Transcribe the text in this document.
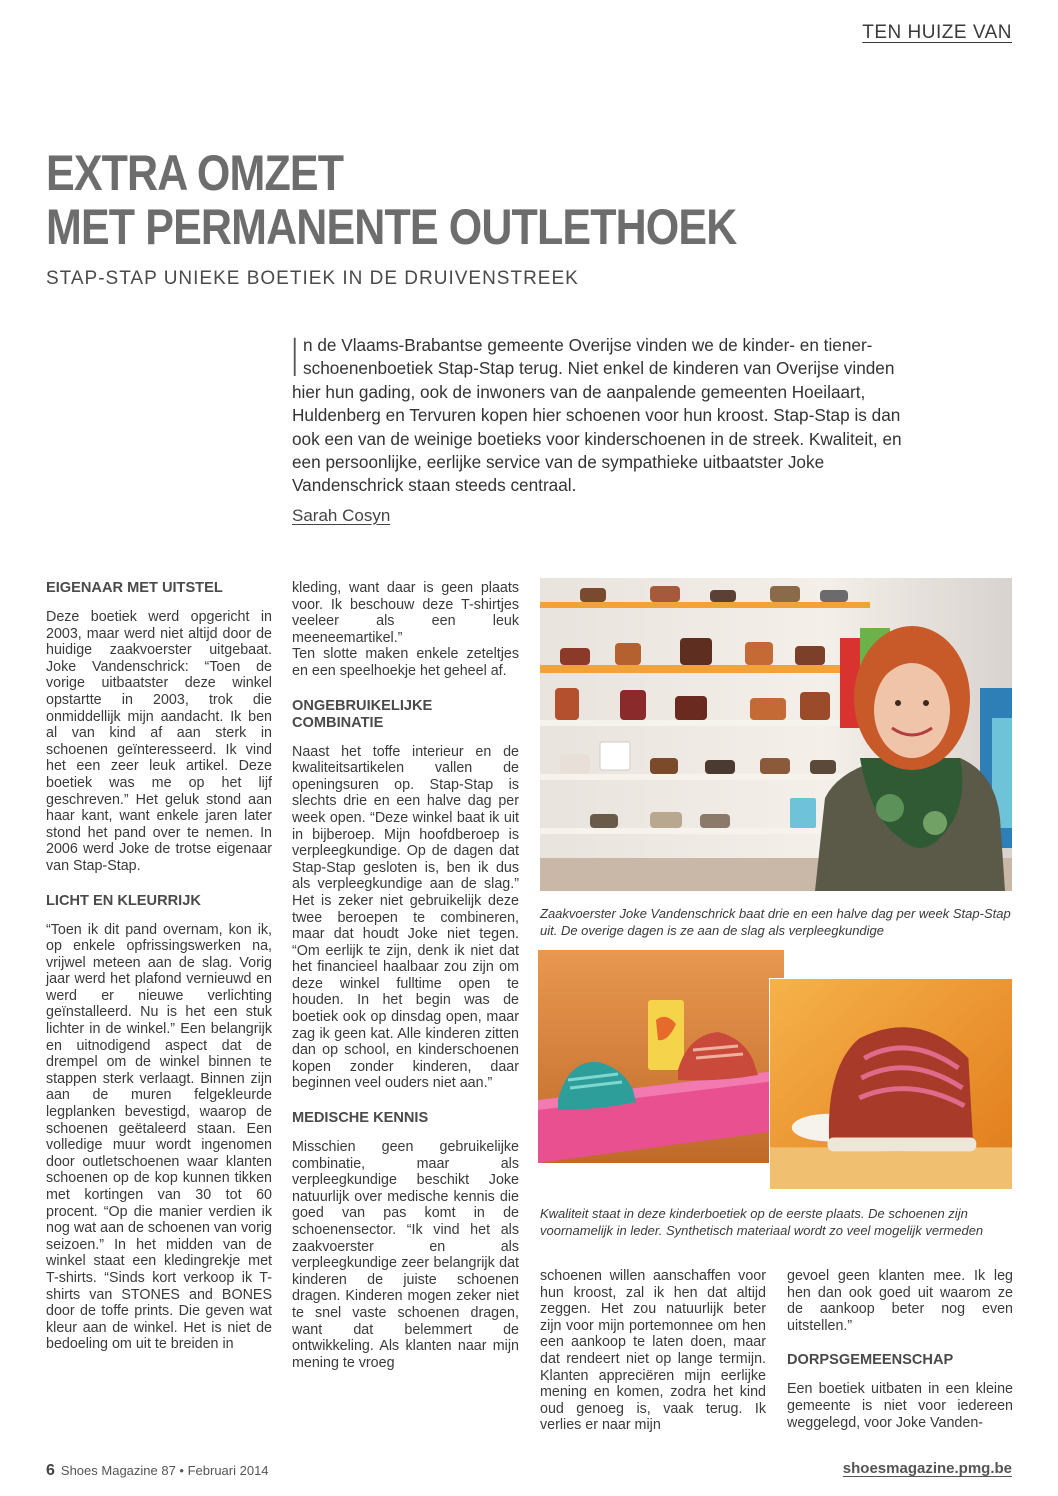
TEN HUIZE VAN
EXTRA OMZET
MET PERMANENTE OUTLETHOEK
STAP-STAP UNIEKE BOETIEK IN DE DRUIVENSTREEK
In de Vlaams-Brabantse gemeente Overijse vinden we de kinder- en tiener-schoenenboetiek Stap-Stap terug. Niet enkel de kinderen van Overijse vinden hier hun gading, ook de inwoners van de aanpalende gemeenten Hoeilaart, Huldenberg en Tervuren kopen hier schoenen voor hun kroost. Stap-Stap is dan ook een van de weinige boetieks voor kinderschoenen in de streek. Kwaliteit, en een persoonlijke, eerlijke service van de sympathieke uitbaatster Joke Vandenschrick staan steeds centraal.
Sarah Cosyn
EIGENAAR MET UITSTEL

Deze boetiek werd opgericht in 2003, maar werd niet altijd door de huidige zaakvoerster uitgebaat. Joke Vandenschrick: “Toen de vorige uitbaatster deze winkel opstartte in 2003, trok die onmiddellijk mijn aandacht. Ik ben al van kind af aan sterk in schoenen geïnteresseerd. Ik vind het een zeer leuk artikel. Deze boetiek was me op het lijf geschreven.” Het geluk stond aan haar kant, want enkele jaren later stond het pand over te nemen. In 2006 werd Joke de trotse eigenaar van Stap-Stap.

LICHT EN KLEURRIJK

“Toen ik dit pand overnam, kon ik, op enkele opfrissingswerken na, vrijwel meteen aan de slag. Vorig jaar werd het plafond vernieuwd en werd er nieuwe verlichting geïnstalleerd. Nu is het een stuk lichter in de winkel.” Een belangrijk en uitnodigend aspect dat de drempel om de winkel binnen te stappen sterk verlaagt. Binnen zijn aan de muren felgekleurde legplanken bevestigd, waarop de schoenen geëtaleerd staan. Een volledige muur wordt ingenomen door outletschoenen waar klanten schoenen op de kop kunnen tikken met kortingen van 30 tot 60 procent. “Op die manier verdien ik nog wat aan de schoenen van vorig seizoen.” In het midden van de winkel staat een kledingrekje met T-shirts. “Sinds kort verkoop ik T-shirts van STONES and BONES door de toffe prints. Die geven wat kleur aan de winkel. Het is niet de bedoeling om uit te breiden in

kleding, want daar is geen plaats voor. Ik beschouw deze T-shirtjes veeleer als een leuk meeneemartikel.”

Ten slotte maken enkele zeteltjes en een speelhoekje het geheel af.

ONGEBRUIKELIJKE COMBINATIE

Naast het toffe interieur en de kwaliteitsartikelen vallen de openingsuren op. Stap-Stap is slechts drie en een halve dag per week open. “Deze winkel baat ik uit in bijberoep. Mijn hoofdberoep is verpleegkundige. Op de dagen dat Stap-Stap gesloten is, ben ik dus als verpleegkundige aan de slag.” Het is zeker niet gebruikelijk deze twee beroepen te combineren, maar dat houdt Joke niet tegen. “Om eerlijk te zijn, denk ik niet dat het financieel haalbaar zou zijn om deze winkel fulltime open te houden. In het begin was de boetiek ook op dinsdag open, maar zag ik geen kat. Alle kinderen zitten dan op school, en kinderschoenen kopen zonder kinderen, daar beginnen veel ouders niet aan.”

MEDISCHE KENNIS

Misschien geen gebruikelijke combinatie, maar als verpleegkundige beschikt Joke natuurlijk over medische kennis die goed van pas komt in de schoenensector. “Ik vind het als zaakvoerster en als verpleegkundige zeer belangrijk dat kinderen de juiste schoenen dragen. Kinderen mogen zeker niet te snel vaste schoenen dragen, want dat belemmert de ontwikkeling. Als klanten naar mijn mening te vroeg

Zaakvoerster Joke Vandenschrick baat drie en een halve dag per week Stap-Stap uit. De overige dagen is ze aan de slag als verpleegkundige
Kwaliteit staat in deze kinderboetiek op de eerste plaats. De schoenen zijn voornamelijk in leder. Synthetisch materiaal wordt zo veel mogelijk vermeden

schoenen willen aanschaffen voor hun kroost, zal ik hen dat altijd zeggen. Het zou natuurlijk beter zijn voor mijn portemonnee om hen een aankoop te laten doen, maar dat rendeert niet op lange termijn. Klanten appreciëren mijn eerlijke mening en komen, zodra het kind oud genoeg is, vaak terug. Ik verlies er naar mijn

gevoel geen klanten mee. Ik leg hen dan ook goed uit waarom ze de aankoop beter nog even uitstellen.”

DORPSGEMEENSCHAP

Een boetiek uitbaten in een kleine gemeente is niet voor iedereen weggelegd, voor Joke Vanden-

6 Shoes Magazine 87 • Februari 2014	shoesmagazine.pmg.be
